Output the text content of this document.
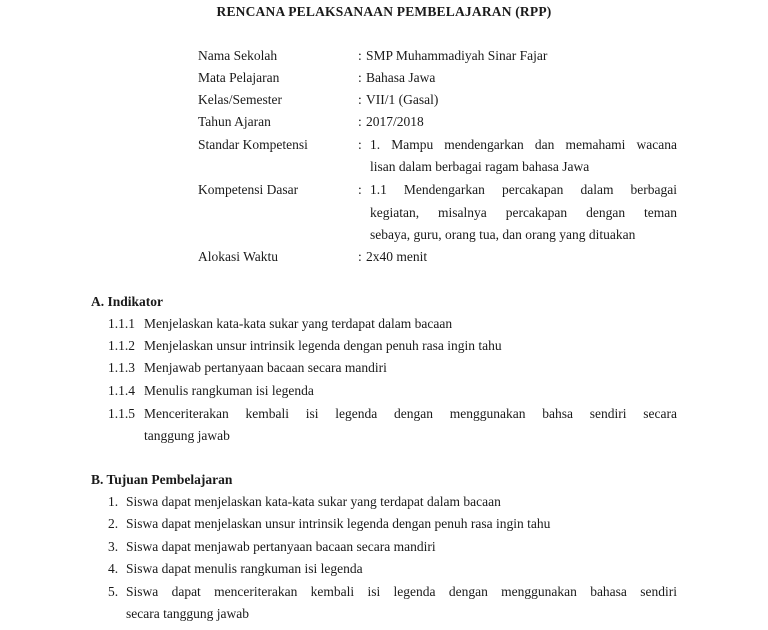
RENCANA PELAKSANAAN PEMBELAJARAN (RPP)
Nama Sekolah	: SMP Muhammadiyah Sinar Fajar
Mata Pelajaran	: Bahasa Jawa
Kelas/Semester	: VII/1 (Gasal)
Tahun Ajaran	: 2017/2018
Standar Kompetensi	: 1. Mampu mendengarkan dan memahami wacana
lisan dalam berbagai ragam bahasa Jawa
Kompetensi Dasar	: 1.1 Mendengarkan percakapan dalam berbagai
kegiatan, misalnya percakapan dengan teman
sebaya, guru, orang tua, dan orang yang dituakan
Alokasi Waktu	: 2x40 menit
A. Indikator
1.1.1 Menjelaskan kata-kata sukar yang terdapat dalam bacaan
1.1.2 Menjelaskan unsur intrinsik legenda dengan penuh rasa ingin tahu
1.1.3 Menjawab pertanyaan bacaan secara mandiri
1.1.4 Menulis rangkuman isi legenda
1.1.5 Menceriterakan kembali isi legenda dengan menggunakan bahsa sendiri secara
tanggung jawab
B. Tujuan Pembelajaran
1. Siswa dapat menjelaskan kata-kata sukar yang terdapat dalam bacaan
2. Siswa dapat menjelaskan unsur intrinsik legenda dengan penuh rasa ingin tahu
3. Siswa dapat menjawab pertanyaan bacaan secara mandiri
4. Siswa dapat menulis rangkuman isi legenda
5. Siswa dapat menceriterakan kembali isi legenda dengan menggunakan bahasa sendiri
secara tanggung jawab
